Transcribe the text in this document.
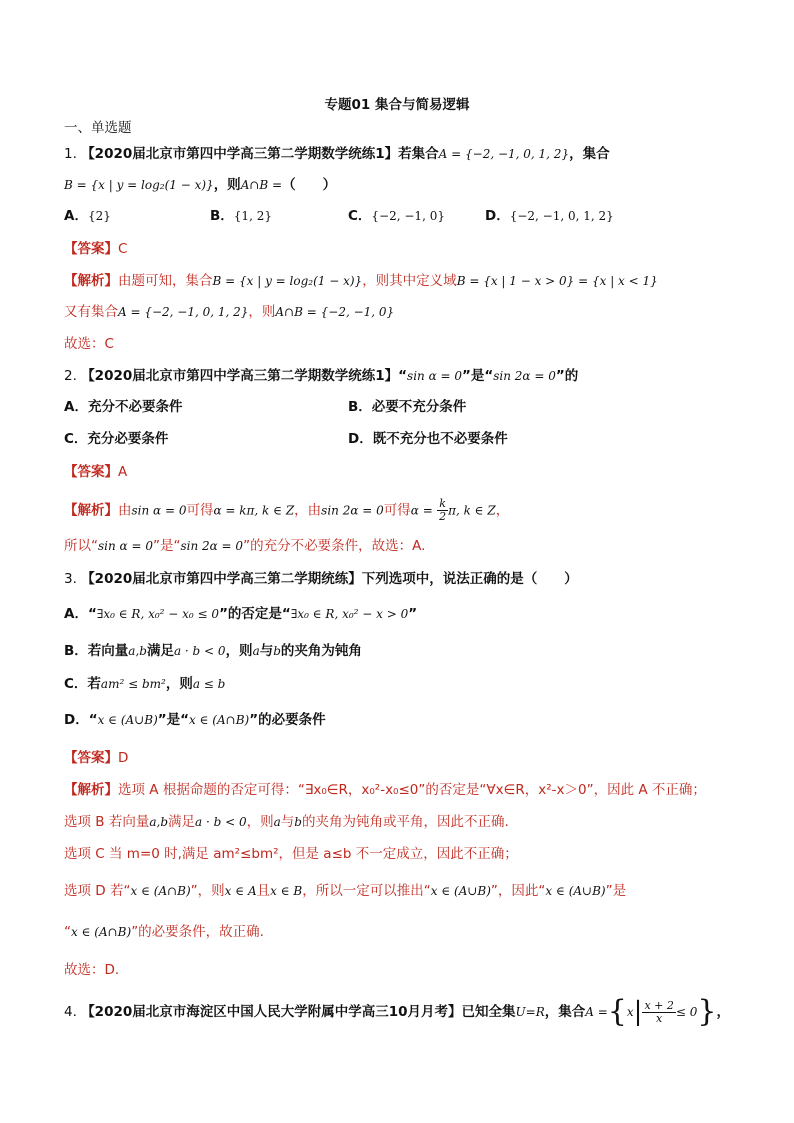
专题01 集合与简易逻辑
一、单选题
1. 【2020届北京市第四中学高三第二学期数学统练1】若集合A = {−2, −1, 0, 1, 2}，集合
B = {x | y = log₂(1 − x)}，则A∩B =（　　）
A．{2}	B．{1, 2}	C．{−2, −1, 0}	D．{−2, −1, 0, 1, 2}
【答案】C
【解析】由题可知，集合B = {x | y = log₂(1 − x)}，则其中定义域B = {x | 1 − x > 0} = {x | x < 1}
又有集合A = {−2, −1, 0, 1, 2}，则A∩B = {−2, −1, 0}
故选：C
2. 【2020届北京市第四中学高三第二学期数学统练1】“sin α = 0”是“sin 2α = 0”的
A．充分不必要条件	B．必要不充分条件
C．充分必要条件	D．既不充分也不必要条件
【答案】A
【解析】由sin α = 0可得α = kπ, k ∈ Z，由sin 2α = 0可得$\alpha = \frac{k}{2} \pi$, k ∈ Z，
所以“sin α = 0”是“sin 2α = 0”的充分不必要条件，故选：A.
3. 【2020届北京市第四中学高三第二学期统练】下列选项中，说法正确的是（　　）
A．“∃x₀ ∈ R, x₀² − x₀ ≤ 0”的否定是“∃x₀ ∈ R, x₀² − x > 0”
B．若向量a,b满足a · b < 0，则a与b的夹角为钝角
C．若am² ≤ bm²，则a ≤ b
D．“x ∈ (A∪B)”是“x ∈ (A∩B)”的必要条件
【答案】D
【解析】选项 A 根据命题的否定可得：“∃x₀∈R，x₀²-x₀≤0”的否定是“∀x∈R，x²-x＞0”，因此 A 不正确；
选项 B 若向量a,b满足a · b < 0，则a与b的夹角为钝角或平角，因此不正确.
选项 C 当 m=0 时,满足 am²≤bm²，但是 a≤b 不一定成立，因此不正确；
选项 D 若“x ∈ (A∩B)”，则x ∈ A且x ∈ B，所以一定可以推出“x ∈ (A∪B)”，因此“x ∈ (A∪B)”是
“x ∈ (A∩B)”的必要条件，故正确.
故选：D.
4. 【2020届北京市海淀区中国人民大学附属中学高三10月月考】已知全集U=R，集合$A =\{x| \frac{x + 2}{x} \le 0\}$，
